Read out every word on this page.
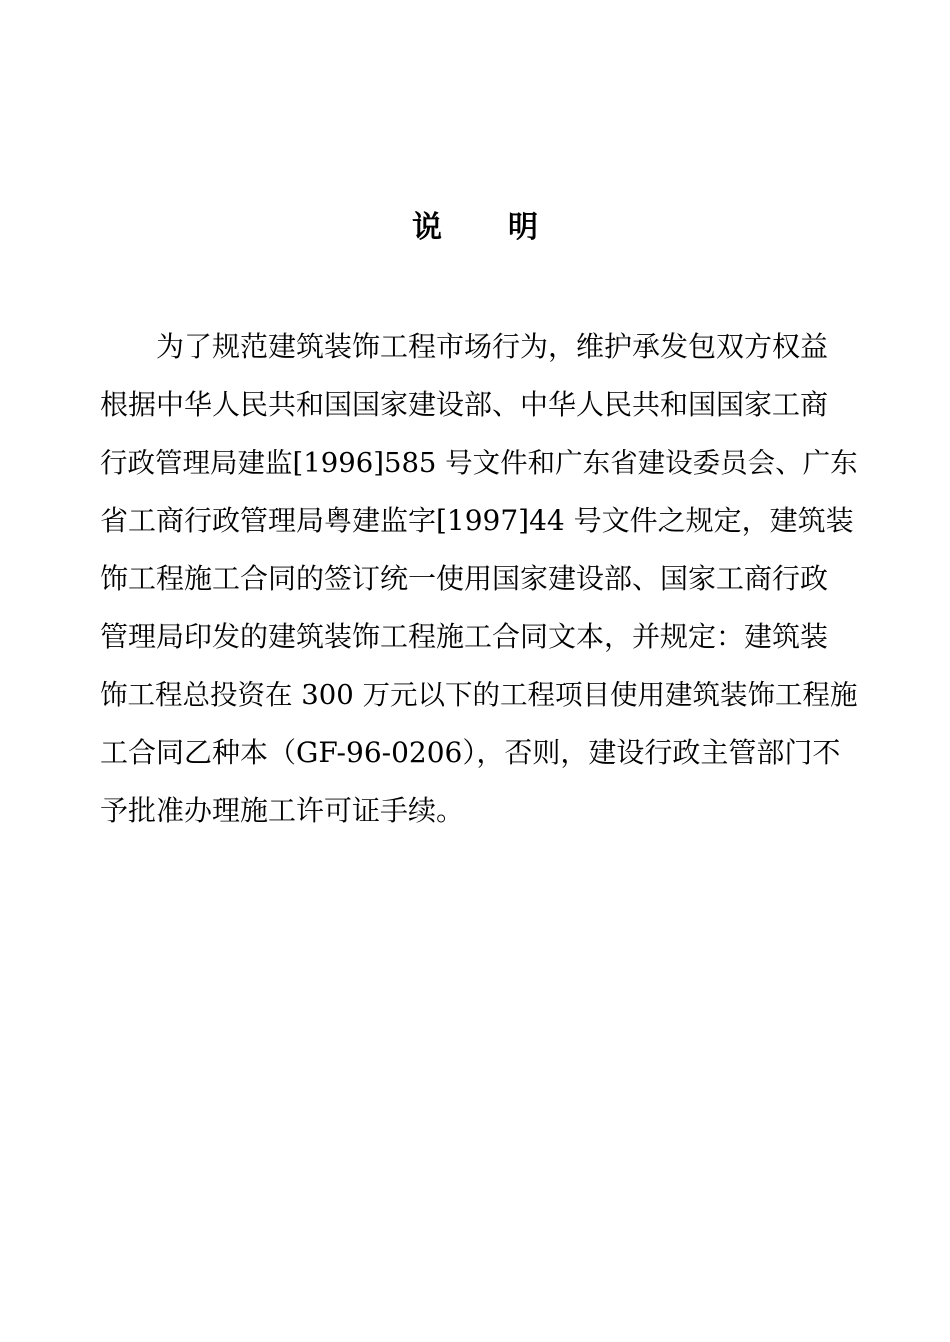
说 明
为了规范建筑装饰工程市场行为，维护承发包双方权益
根据中华人民共和国国家建设部、中华人民共和国国家工商
行政管理局建监[1996]585 号文件和广东省建设委员会、广东
省工商行政管理局粤建监字[1997]44 号文件之规定，建筑装
饰工程施工合同的签订统一使用国家建设部、国家工商行政
管理局印发的建筑装饰工程施工合同文本，并规定：建筑装
饰工程总投资在 300 万元以下的工程项目使用建筑装饰工程施
工合同乙种本（GF-96-0206），否则，建设行政主管部门不
予批准办理施工许可证手续。
